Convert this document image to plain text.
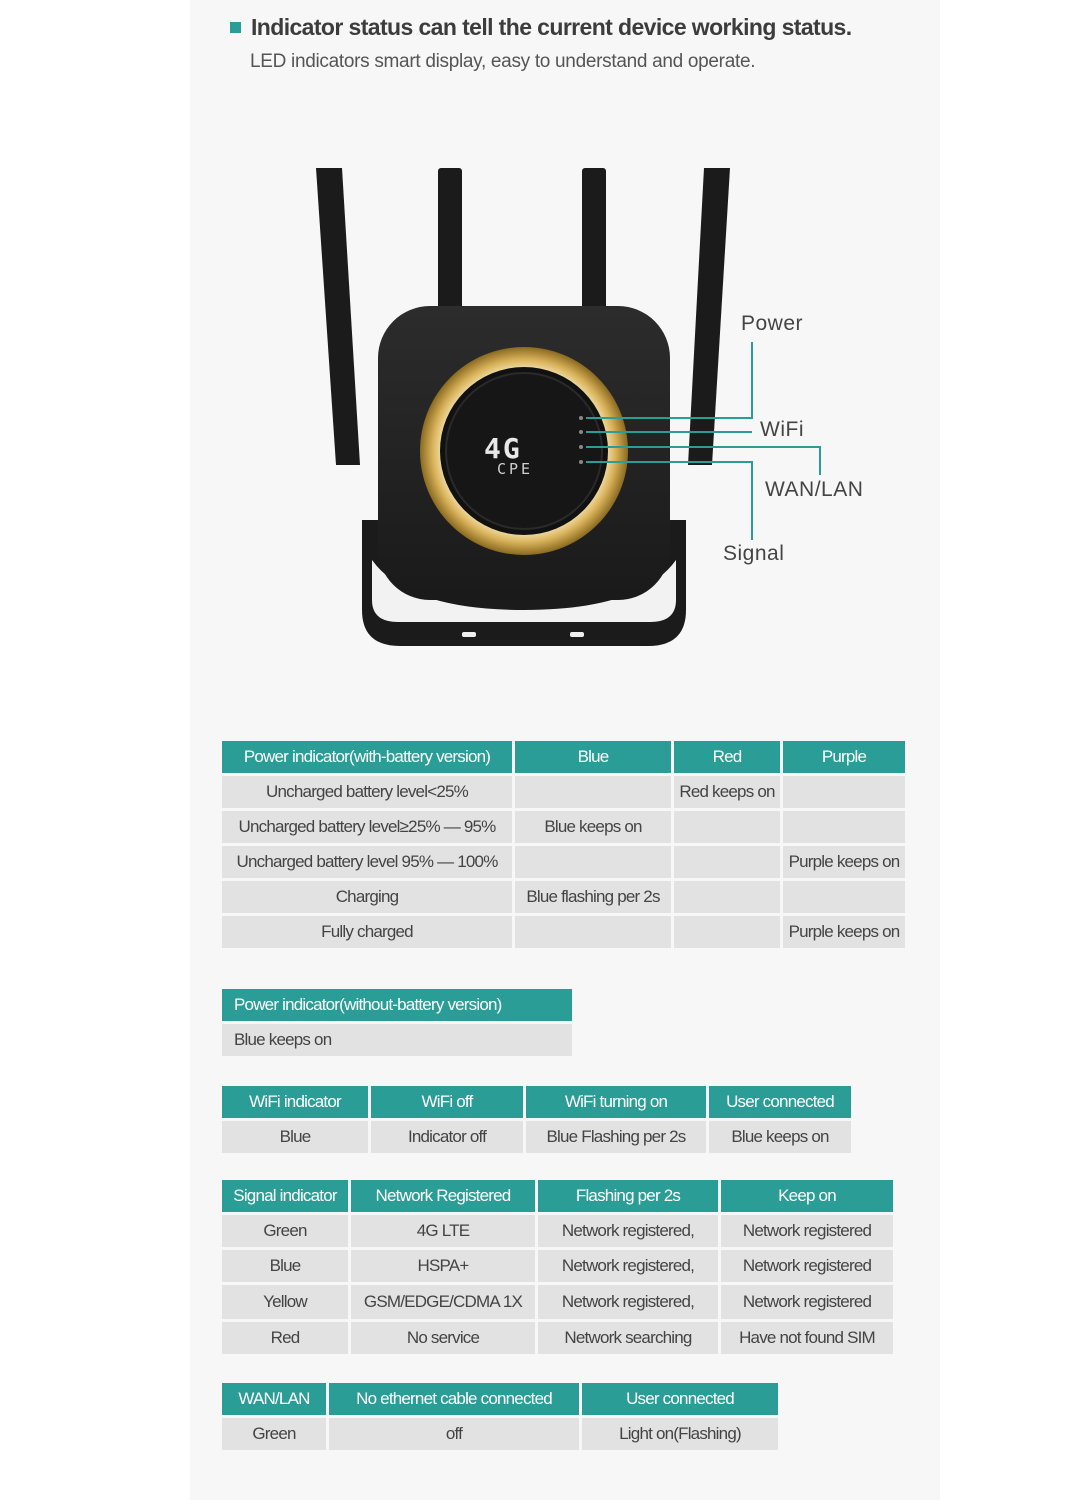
Indicator status can tell the current device working status.

LED indicators smart display, easy to understand and operate.

4G
CPE
Power
WiFi
WAN/LAN
Signal
Power indicator(with-battery version)	Blue	Red	Purple
Uncharged battery level<25%		Red keeps on	
Uncharged battery level≥25% — 95%	Blue keeps on		
Uncharged battery level 95% — 100%			Purple keeps on
Charging	Blue flashing per 2s		
Fully charged			Purple keeps on
Power indicator(without-battery version)
Blue keeps on
WiFi indicator	WiFi off	WiFi turning on	User connected
Blue	Indicator off	Blue Flashing per 2s	Blue keeps on
Signal indicator	Network Registered	Flashing per 2s	Keep on
Green	4G LTE	Network registered,	Network registered
Blue	HSPA+	Network registered,	Network registered
Yellow	GSM/EDGE/CDMA 1X	Network registered,	Network registered
Red	No service	Network searching	Have not found SIM
WAN/LAN	No ethernet cable connected	User connected
Green	off	Light on(Flashing)
